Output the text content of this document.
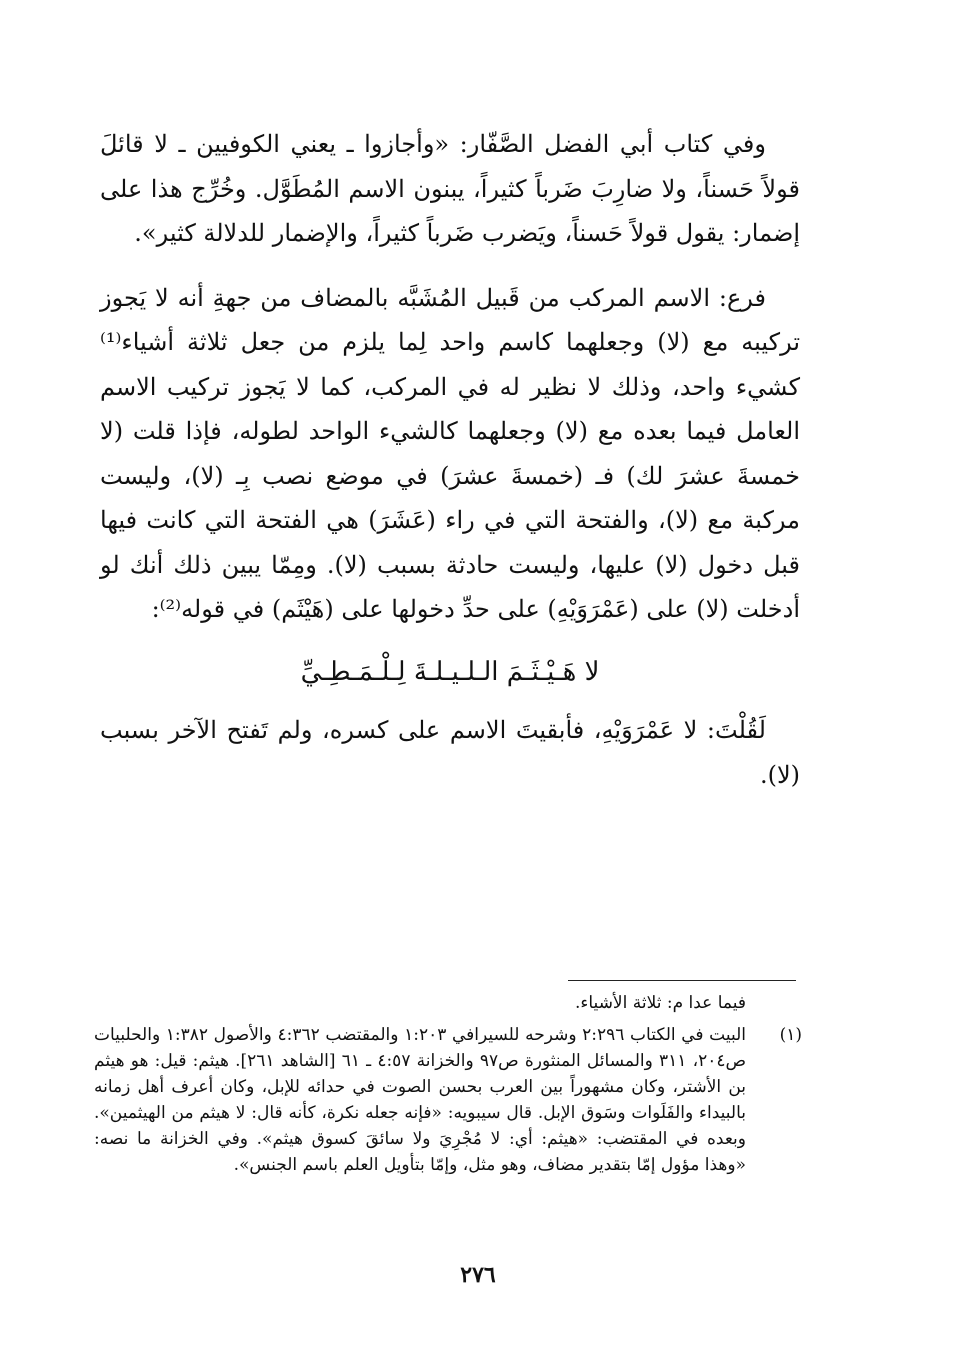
وفي كتاب أبي الفضل الصَّفّار: «وأجازوا ـ يعني الكوفيين ـ لا قائلَ قولاً حَسناً، ولا ضارِبَ ضَرباً كثيراً، يبنون الاسم المُطَوَّل. وخُرِّج هذا على إضمار: يقول قولاً حَسناً، ويَضرب ضَرباً كثيراً، والإضمار للدلالة كثير».

فرع: الاسم المركب من قَبيل المُشَبَّه بالمضاف من جهةِ أنه لا يَجوز تركيبه مع (لا) وجعلهما كاسم واحد لِما يلزم من جعل ثلاثة أشياء⁽¹⁾ كشيء واحد، وذلك لا نظير له في المركب، كما لا يَجوز تركيب الاسم العامل فيما بعده مع (لا) وجعلهما كالشيء الواحد لطوله، فإذا قلت (لا خمسةَ عشرَ لك) فـ (خمسةَ عشرَ) في موضع نصب بِـ (لا)، وليست مركبة مع (لا)، والفتحة التي في راء (عَشَرَ) هي الفتحة التي كانت فيها قبل دخول (لا) عليها، وليست حادثة بسبب (لا). ومِمّا يبين ذلك أنك لو أدخلت (لا) على (عَمْرَوَيْهِ) على حدِّ دخولها على (هَيْثَم) في قوله⁽²⁾:

لا هَـيْـثَـمَ الـلـيـلـةَ لِـلْـمَـطِـيِّ

لَقُلْتَ: لا عَمْرَوَيْهِ، فأبقيتَ الاسم على كسره، ولم تَفتح الآخر بسبب (لا).

فيما عدا م: ثلاثة الأشياء.

(١)
البيت في الكتاب ٢:٢٩٦ وشرحه للسيرافي ١:٢٠٣ والمقتضب ٤:٣٦٢ والأصول ١:٣٨٢ والحلبيات ص٢٠٤، ٣١١ والمسائل المنثورة ص٩٧ والخزانة ٤:٥٧ ـ ٦١ [الشاهد ٢٦١]. هيثم: قيل: هو هيثم بن الأشتر، وكان مشهوراً بين العرب بحسن الصوت في حدائه للإبل، وكان أعرف أهل زمانه بالبيداء والفَلَوات وسَوق الإبل. قال سيبويه: «فإنه جعله نكرة، كأنه قال: لا هيثم من الهيثمين». وبعده في المقتضب: «هيثم: أي: لا مُجْرِيَ ولا سائقَ كسوق هيثم». وفي الخزانة ما نصه: «وهذا مؤول إمّا بتقدير مضاف، وهو مثل، وإمّا بتأويل العلم باسم الجنس».
٢٧٦
